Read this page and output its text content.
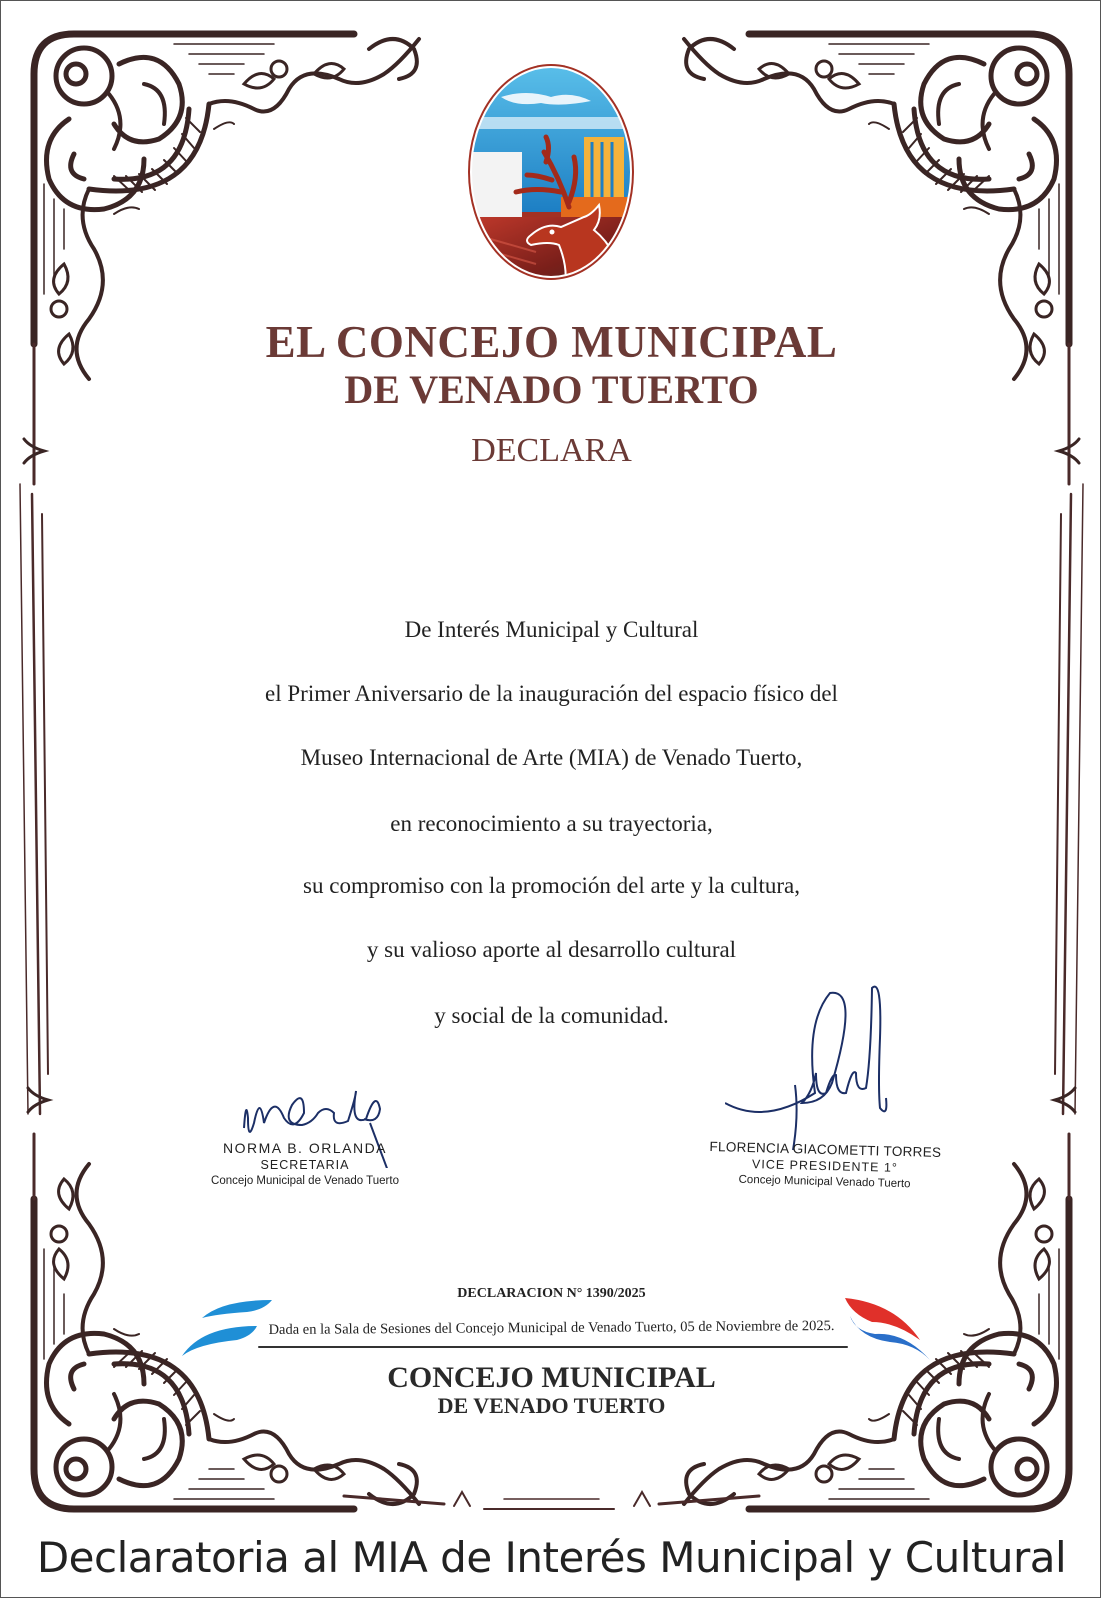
EL CONCEJO MUNICIPAL
DE VENADO TUERTO
DECLARA

De Interés Municipal y Cultural

el Primer Aniversario de la inauguración del espacio físico del

Museo Internacional de Arte (MIA) de Venado Tuerto,

en reconocimiento a su trayectoria,

su compromiso con la promoción del arte y la cultura,

y su valioso aporte al desarrollo cultural

y social de la comunidad.

NORMA B. ORLANDA
SECRETARIA
Concejo Municipal de Venado Tuerto
FLORENCIA GIACOMETTI TORRES
VICE PRESIDENTE 1°
Concejo Municipal Venado Tuerto
DECLARACION N° 1390/2025
Dada en la Sala de Sesiones del Concejo Municipal de Venado Tuerto, 05 de Noviembre de 2025.
CONCEJO MUNICIPAL
DE VENADO TUERTO
Declaratoria al MIA de Interés Municipal y Cultural
